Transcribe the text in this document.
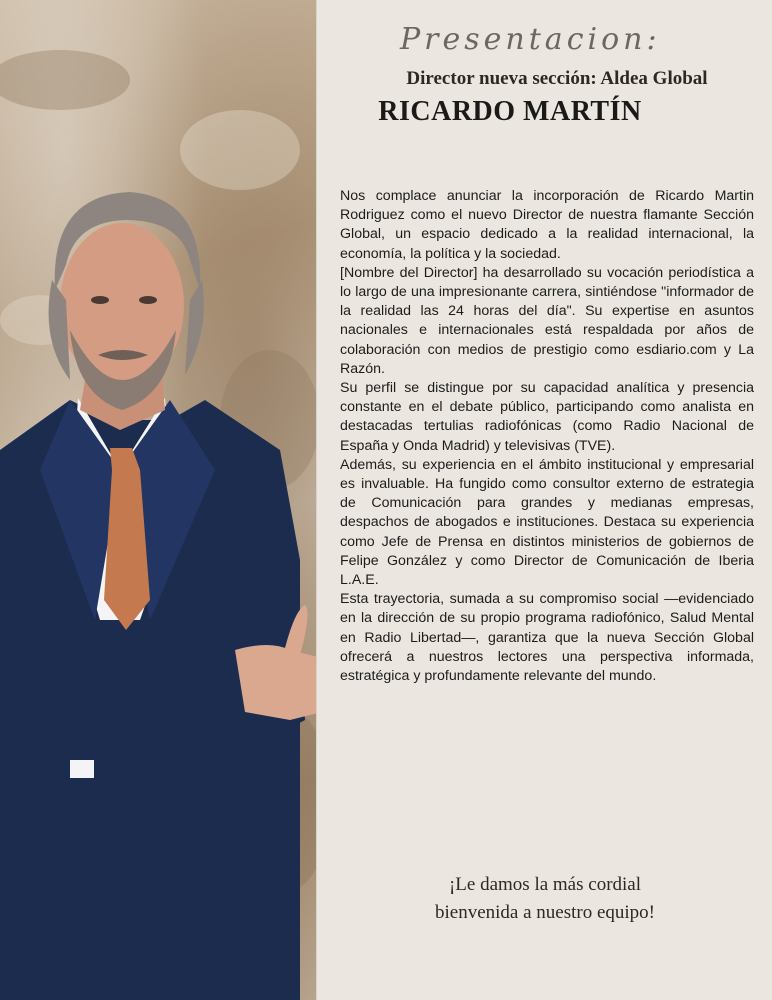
Presentacion:
Director nueva sección: Aldea Global
RICARDO MARTÍN

Nos complace anunciar la incorporación de Ricardo Martin Rodriguez como el nuevo Director de nuestra flamante Sección Global, un espacio dedicado a la realidad internacional, la economía, la política y la sociedad.

[Nombre del Director] ha desarrollado su vocación periodística a lo largo de una impresionante carrera, sintiéndose "informador de la realidad las 24 horas del día". Su expertise en asuntos nacionales e internacionales está respaldada por años de colaboración con medios de prestigio como esdiario.com y La Razón.

Su perfil se distingue por su capacidad analítica y presencia constante en el debate público, participando como analista en destacadas tertulias radiofónicas (como Radio Nacional de España y Onda Madrid) y televisivas (TVE).

Además, su experiencia en el ámbito institucional y empresarial es invaluable. Ha fungido como consultor externo de estrategia de Comunicación para grandes y medianas empresas, despachos de abogados e instituciones. Destaca su experiencia como Jefe de Prensa en distintos ministerios de gobiernos de Felipe González y como Director de Comunicación de Iberia L.A.E.

Esta trayectoria, sumada a su compromiso social —evidenciado en la dirección de su propio programa radiofónico, Salud Mental en Radio Libertad—, garantiza que la nueva Sección Global ofrecerá a nuestros lectores una perspectiva informada, estratégica y profundamente relevante del mundo.

¡Le damos la más cordial
bienvenida a nuestro equipo!
